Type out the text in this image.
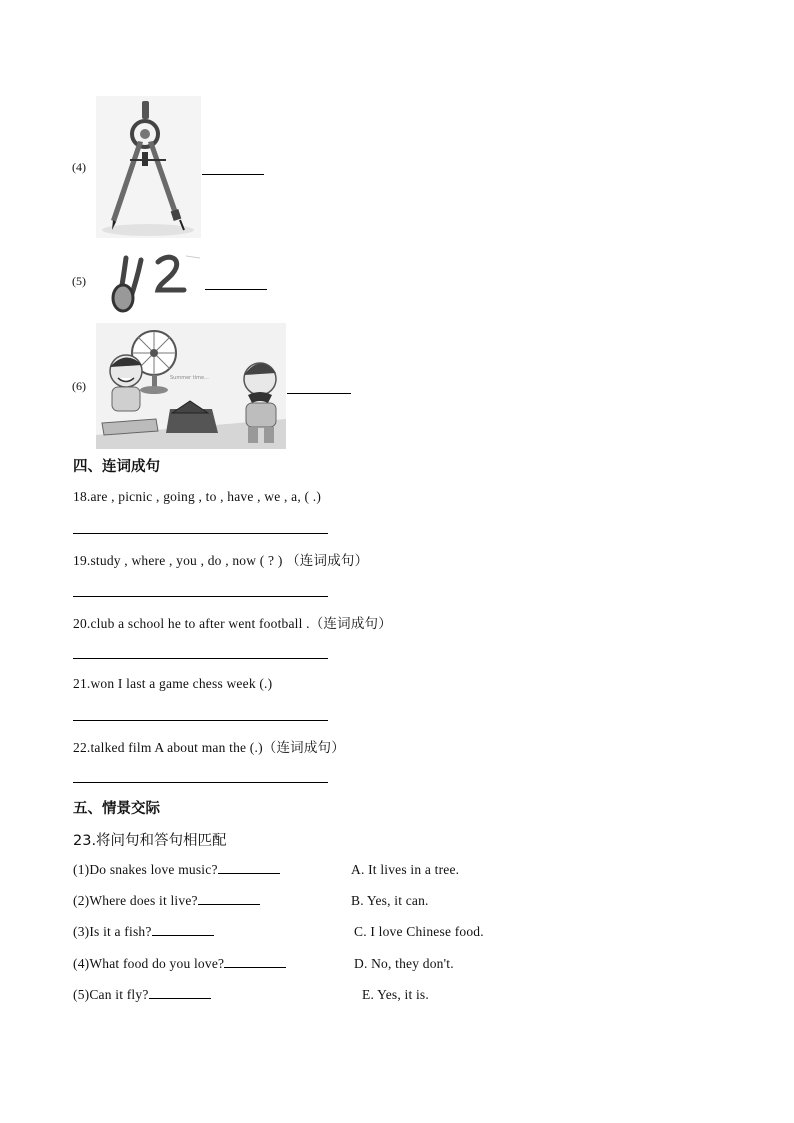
(4)
(5)
(6)
Summer time...
四、连词成句
18.are , picnic , going , to , have , we , a, ( .)
19.study , where , you , do , now ( ? ) （连词成句）
20.club a school he to after went football .（连词成句）
21.won I last a game chess week (.)
22.talked film A about man the (.)（连词成句）
五、情景交际
23.将问句和答句相匹配
(1)Do snakes love music?	A. It lives in a tree.
(2)Where does it live?	B. Yes, it can.
(3)Is it a fish?	C. I love Chinese food.
(4)What food do you love?	D. No, they don't.
(5)Can it fly?	E. Yes, it is.
